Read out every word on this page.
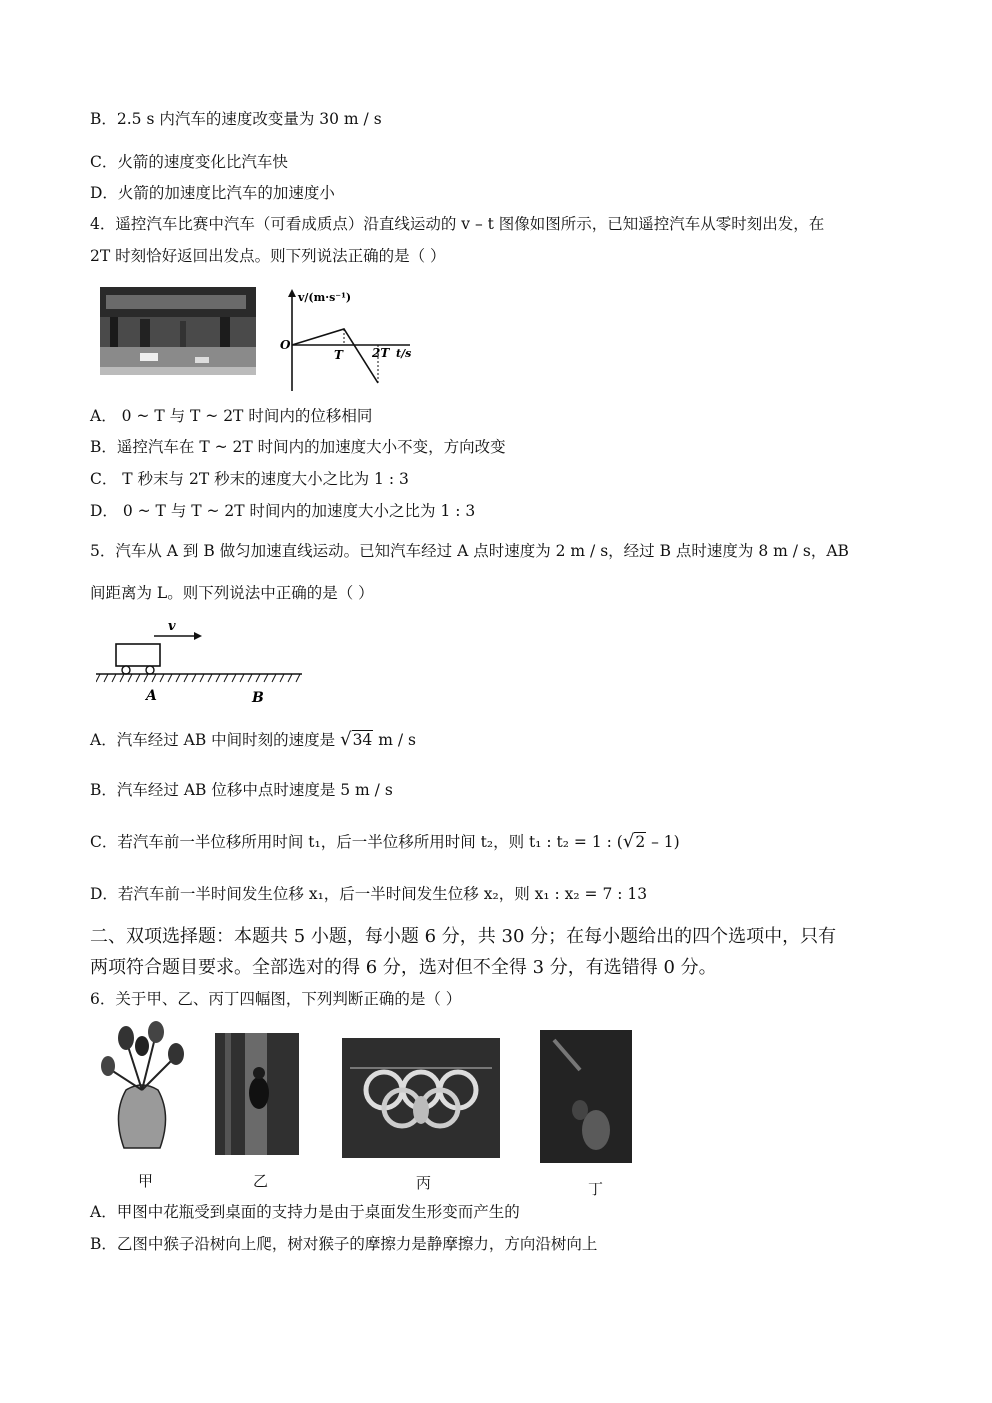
B．2.5 s 内汽车的速度改变量为 30 m / s
C．火箭的速度变化比汽车快
D．火箭的加速度比汽车的加速度小
4．遥控汽车比赛中汽车（可看成质点）沿直线运动的 v – t 图像如图所示，已知遥控汽车从零时刻出发，在
2T 时刻恰好返回出发点。则下列说法正确的是（ ）
v/(m·s⁻¹)
O
T 2T t/s
A． 0 ~ T 与 T ~ 2T 时间内的位移相同
B．遥控汽车在 T ~ 2T 时间内的加速度大小不变，方向改变
C． T 秒末与 2T 秒末的速度大小之比为 1 : 3
D． 0 ~ T 与 T ~ 2T 时间内的加速度大小之比为 1 : 3
5．汽车从 A 到 B 做匀加速直线运动。已知汽车经过 A 点时速度为 2 m / s，经过 B 点时速度为 8 m / s，AB
间距离为 L。则下列说法中正确的是（ ）
v
A	B
A．汽车经过 AB 中间时刻的速度是 √34 m / s
B．汽车经过 AB 位移中点时速度是 5 m / s
C．若汽车前一半位移所用时间 t₁，后一半位移所用时间 t₂，则 t₁ : t₂ = 1 : (√2 – 1)
D．若汽车前一半时间发生位移 x₁，后一半时间发生位移 x₂，则 x₁ : x₂ = 7 : 13
二、双项选择题：本题共 5 小题，每小题 6 分，共 30 分；在每小题给出的四个选项中，只有
两项符合题目要求。全部选对的得 6 分，选对但不全得 3 分，有选错得 0 分。
6．关于甲、乙、丙丁四幅图，下列判断正确的是（ ）
甲	乙	丙	丁
A．甲图中花瓶受到桌面的支持力是由于桌面发生形变而产生的
B．乙图中猴子沿树向上爬，树对猴子的摩擦力是静摩擦力，方向沿树向上
